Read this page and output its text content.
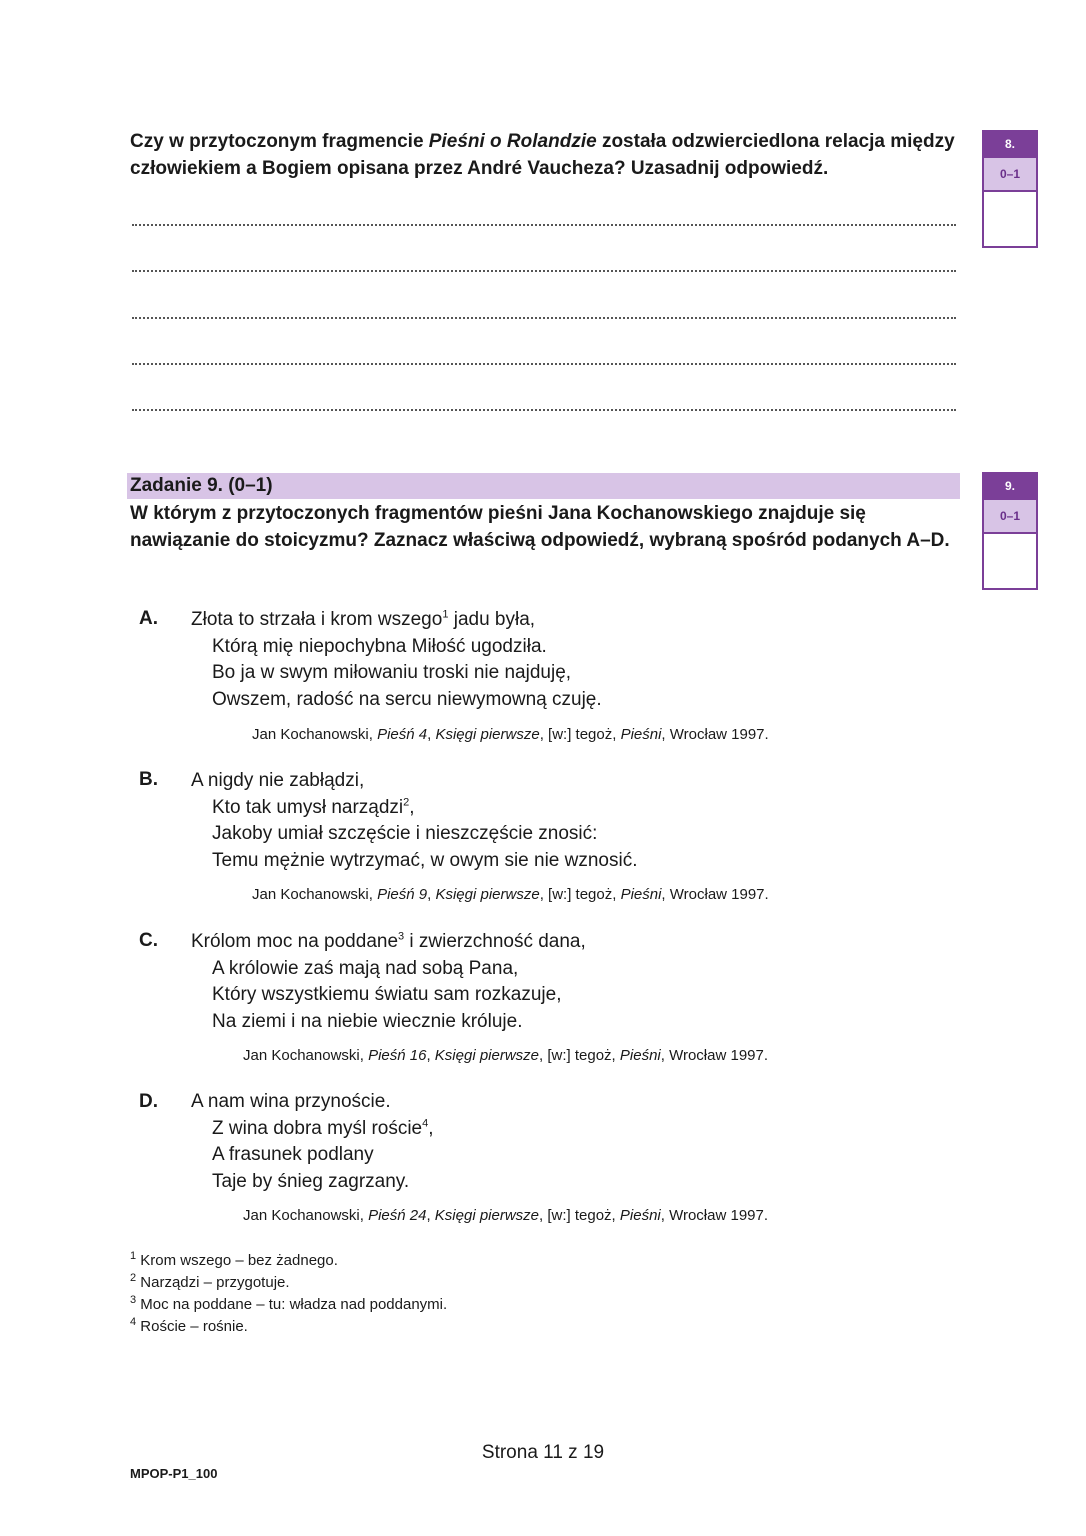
Czy w przytoczonym fragmencie Pieśni o Rolandzie została odzwierciedlona relacja między człowiekiem a Bogiem opisana przez André Vaucheza? Uzasadnij odpowiedź.
8.
0–1
Zadanie 9. (0–1)
W którym z przytoczonych fragmentów pieśni Jana Kochanowskiego znajduje się nawiązanie do stoicyzmu? Zaznacz właściwą odpowiedź, wybraną spośród podanych A–D.
9.
0–1
A. Złota to strzała i krom wszego$^1$ jadu była,
Którą mię niepochybna Miłość ugodziła.
Bo ja w swym miłowaniu troski nie najduję,
Owszem, radość na sercu niewymowną czuję.
Jan Kochanowski, Pieśń 4, Księgi pierwsze, [w:] tegoż, Pieśni, Wrocław 1997.
B. A nigdy nie zabłądzi,
Kto tak umysł narządzi$^2$,
Jakoby umiał szczęście i nieszczęście znosić:
Temu mężnie wytrzymać, w owym sie nie wznosić.
Jan Kochanowski, Pieśń 9, Księgi pierwsze, [w:] tegoż, Pieśni, Wrocław 1997.
C. Królom moc na poddane$^3$ i zwierzchność dana,
A królowie zaś mają nad sobą Pana,
Który wszystkiemu światu sam rozkazuje,
Na ziemi i na niebie wiecznie króluje.
Jan Kochanowski, Pieśń 16, Księgi pierwsze, [w:] tegoż, Pieśni, Wrocław 1997.
D. A nam wina przynoście.
Z wina dobra myśl roście$^4$,
A frasunek podlany
Taje by śnieg zagrzany.
Jan Kochanowski, Pieśń 24, Księgi pierwsze, [w:] tegoż, Pieśni, Wrocław 1997.
$^1$ Krom wszego – bez żadnego.
$^2$ Narządzi – przygotuje.
$^3$ Moc na poddane – tu: władza nad poddanymi.
$^4$ Roście – rośnie.
Strona 11 z 19
MPOP-P1_100
